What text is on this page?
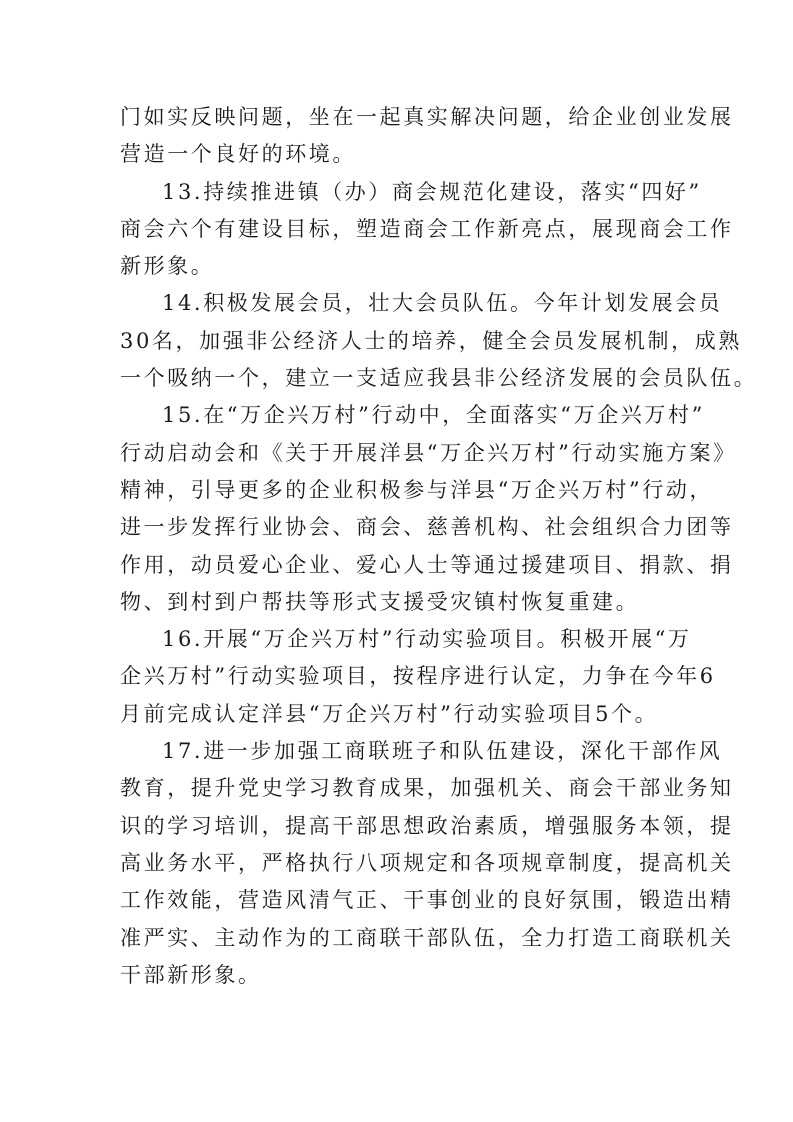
门如实反映问题，坐在一起真实解决问题，给企业创业发展
营造一个良好的环境。
13.持续推进镇（办）商会规范化建设，落实“四好”
商会六个有建设目标，塑造商会工作新亮点，展现商会工作
新形象。
14.积极发展会员，壮大会员队伍。今年计划发展会员
30名，加强非公经济人士的培养，健全会员发展机制，成熟
一个吸纳一个，建立一支适应我县非公经济发展的会员队伍。
15.在“万企兴万村”行动中，全面落实“万企兴万村”
行动启动会和《关于开展洋县“万企兴万村”行动实施方案》
精神，引导更多的企业积极参与洋县“万企兴万村”行动，
进一步发挥行业协会、商会、慈善机构、社会组织合力团等
作用，动员爱心企业、爱心人士等通过援建项目、捐款、捐
物、到村到户帮扶等形式支援受灾镇村恢复重建。
16.开展“万企兴万村”行动实验项目。积极开展“万
企兴万村”行动实验项目，按程序进行认定，力争在今年6
月前完成认定洋县“万企兴万村”行动实验项目5个。
17.进一步加强工商联班子和队伍建设，深化干部作风
教育，提升党史学习教育成果，加强机关、商会干部业务知
识的学习培训，提高干部思想政治素质，增强服务本领，提
高业务水平，严格执行八项规定和各项规章制度，提高机关
工作效能，营造风清气正、干事创业的良好氛围，锻造出精
准严实、主动作为的工商联干部队伍，全力打造工商联机关
干部新形象。
